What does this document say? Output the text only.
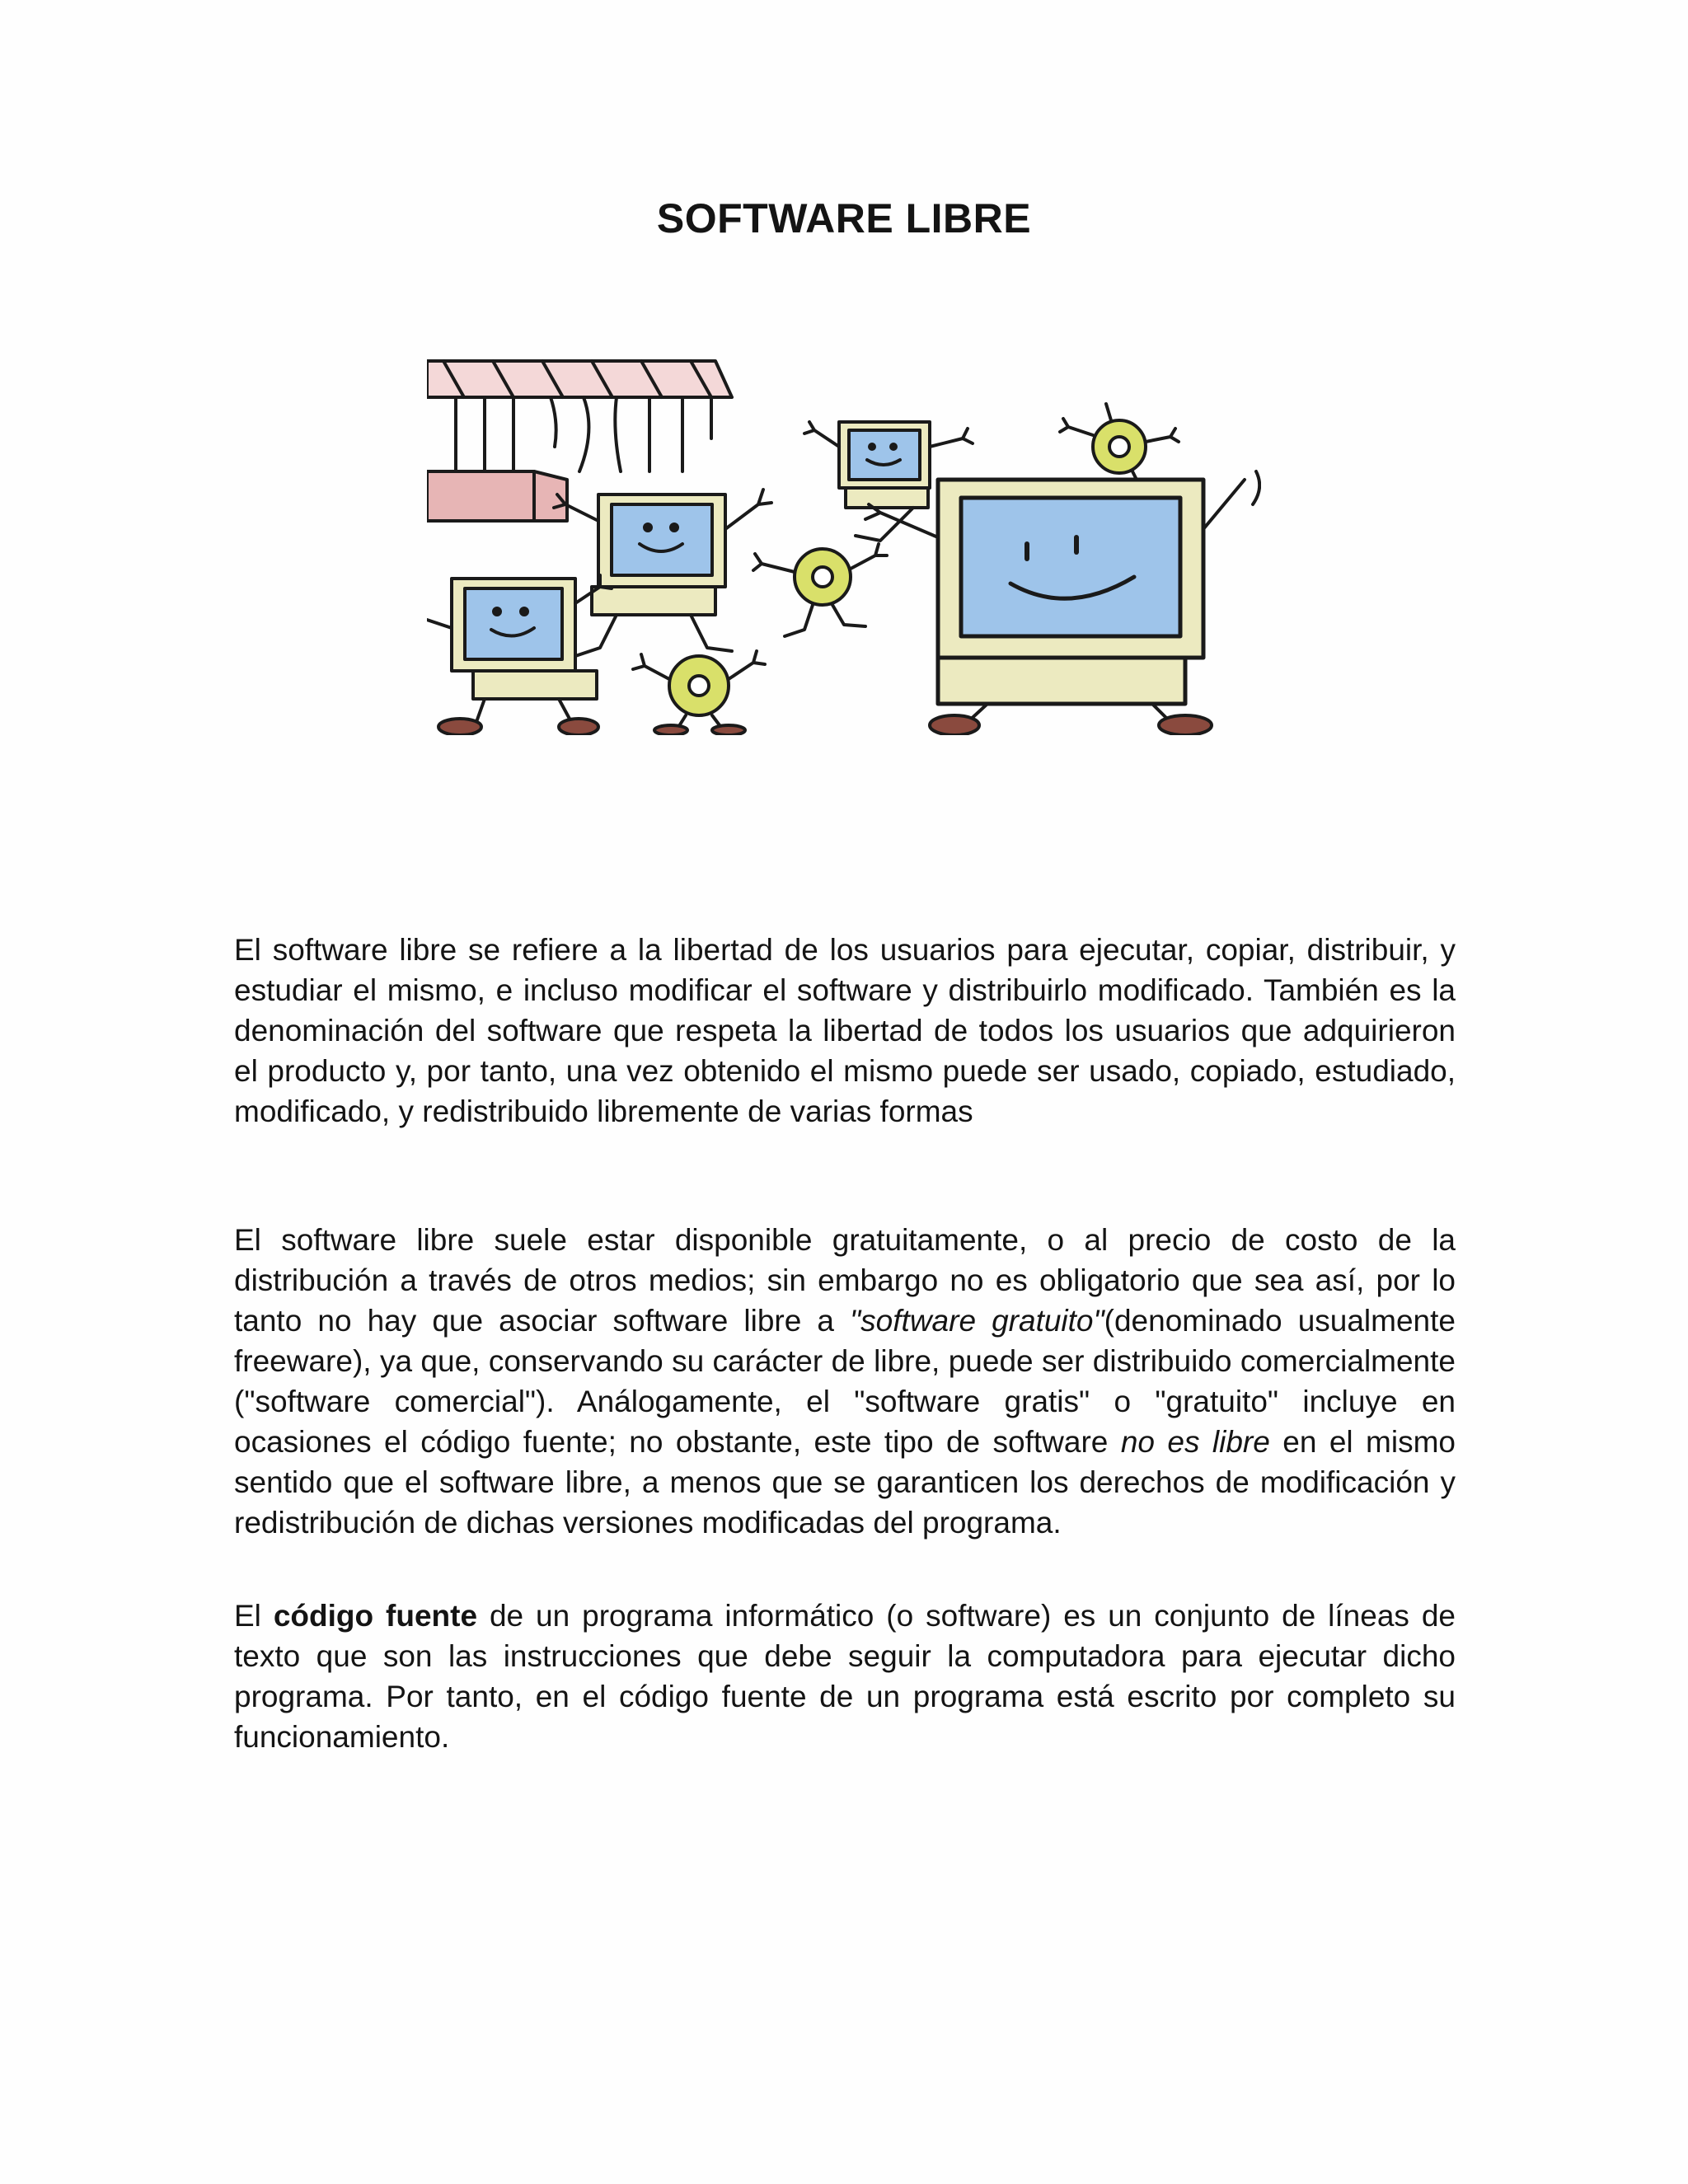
SOFTWARE LIBRE

El software libre se refiere a la libertad de los usuarios para ejecutar, copiar, distribuir, y estudiar el mismo, e incluso modificar el software y distribuirlo modificado. También es la denominación del software que respeta la libertad de todos los usuarios que adquirieron el producto y, por tanto, una vez obtenido el mismo puede ser usado, copiado, estudiado, modificado, y redistribuido libremente de varias formas

El software libre suele estar disponible gratuitamente, o al precio de costo de la distribución a través de otros medios; sin embargo no es obligatorio que sea así, por lo tanto no hay que asociar software libre a "software gratuito"(denominado usualmente freeware), ya que, conservando su carácter de libre, puede ser distribuido comercialmente ("software comercial"). Análogamente, el "software gratis" o "gratuito" incluye en ocasiones el código fuente; no obstante, este tipo de software no es libre en el mismo sentido que el software libre, a menos que se garanticen los derechos de modificación y redistribución de dichas versiones modificadas del programa.

El código fuente de un programa informático (o software) es un conjunto de líneas de texto que son las instrucciones que debe seguir la computadora para ejecutar dicho programa. Por tanto, en el código fuente de un programa está escrito por completo su funcionamiento.
